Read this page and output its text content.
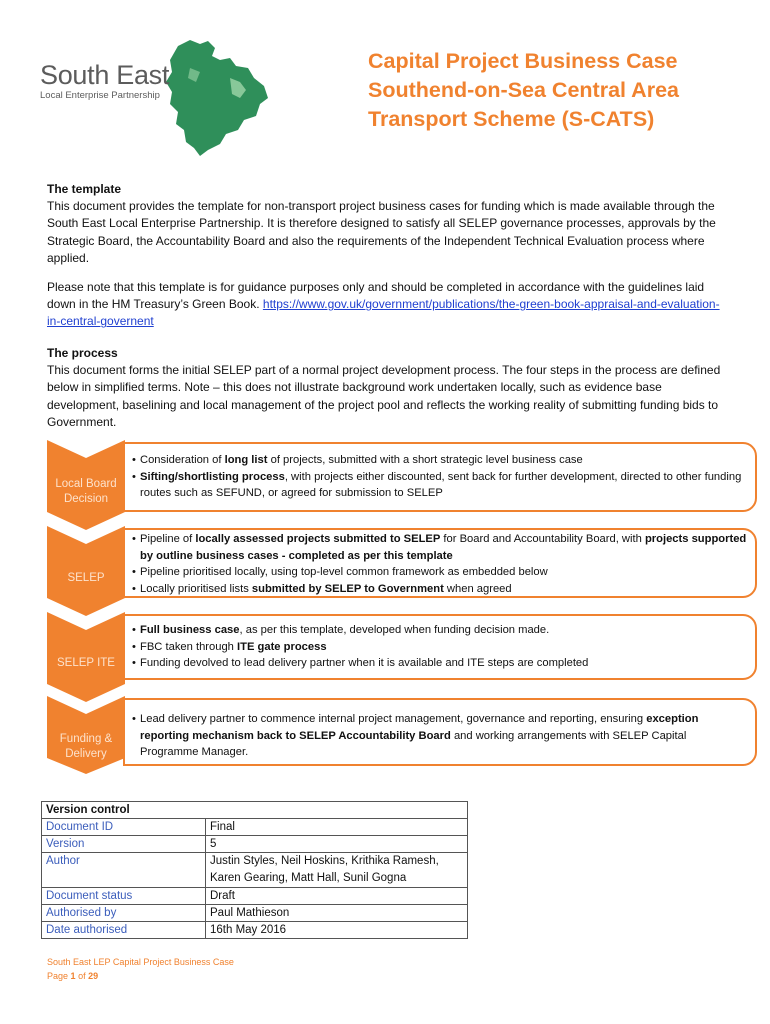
South East
Local Enterprise Partnership
Capital Project Business Case
Southend-on-Sea Central Area
Transport Scheme (S-CATS)
The template
This document provides the template for non-transport project business cases for funding which is made available through the South East Local Enterprise Partnership. It is therefore designed to satisfy all SELEP governance processes, approvals by the Strategic Board, the Accountability Board and also the requirements of the Independent Technical Evaluation process where applied.
Please note that this template is for guidance purposes only and should be completed in accordance with the guidelines laid down in the HM Treasury’s Green Book. https://www.gov.uk/government/publications/the-green-book-appraisal-and-evaluation-in-central-governent
The process
This document forms the initial SELEP part of a normal project development process. The four steps in the process are defined below in simplified terms. Note – this does not illustrate background work undertaken locally, such as evidence base development, baselining and local management of the project pool and reflects the working reality of submitting funding bids to Government.
Local Board
Decision
• Consideration of long list of projects, submitted with a short strategic level business case
• Sifting/shortlisting process, with projects either discounted, sent back for further development, directed to other funding routes such as SEFUND, or agreed for submission to SELEP
SELEP
• Pipeline of locally assessed projects submitted to SELEP for Board and Accountability Board, with projects supported by outline business cases - completed as per this template
• Pipeline prioritised locally, using top-level common framework as embedded below
• Locally prioritised lists submitted by SELEP to Government when agreed
SELEP ITE
• Full business case, as per this template, developed when funding decision made.
• FBC taken through ITE gate process
• Funding devolved to lead delivery partner when it is available and ITE steps are completed
Funding &
Delivery
• Lead delivery partner to commence internal project management, governance and reporting, ensuring exception reporting mechanism back to SELEP Accountability Board and working arrangements with SELEP Capital Programme Manager.
Version control	
Document ID	Final
Version	5
Author	Justin Styles, Neil Hoskins, Krithika Ramesh, Karen Gearing, Matt Hall, Sunil Gogna
Document status	Draft
Authorised by	Paul Mathieson
Date authorised	16th May 2016
South East LEP Capital Project Business Case
Page 1 of 29
